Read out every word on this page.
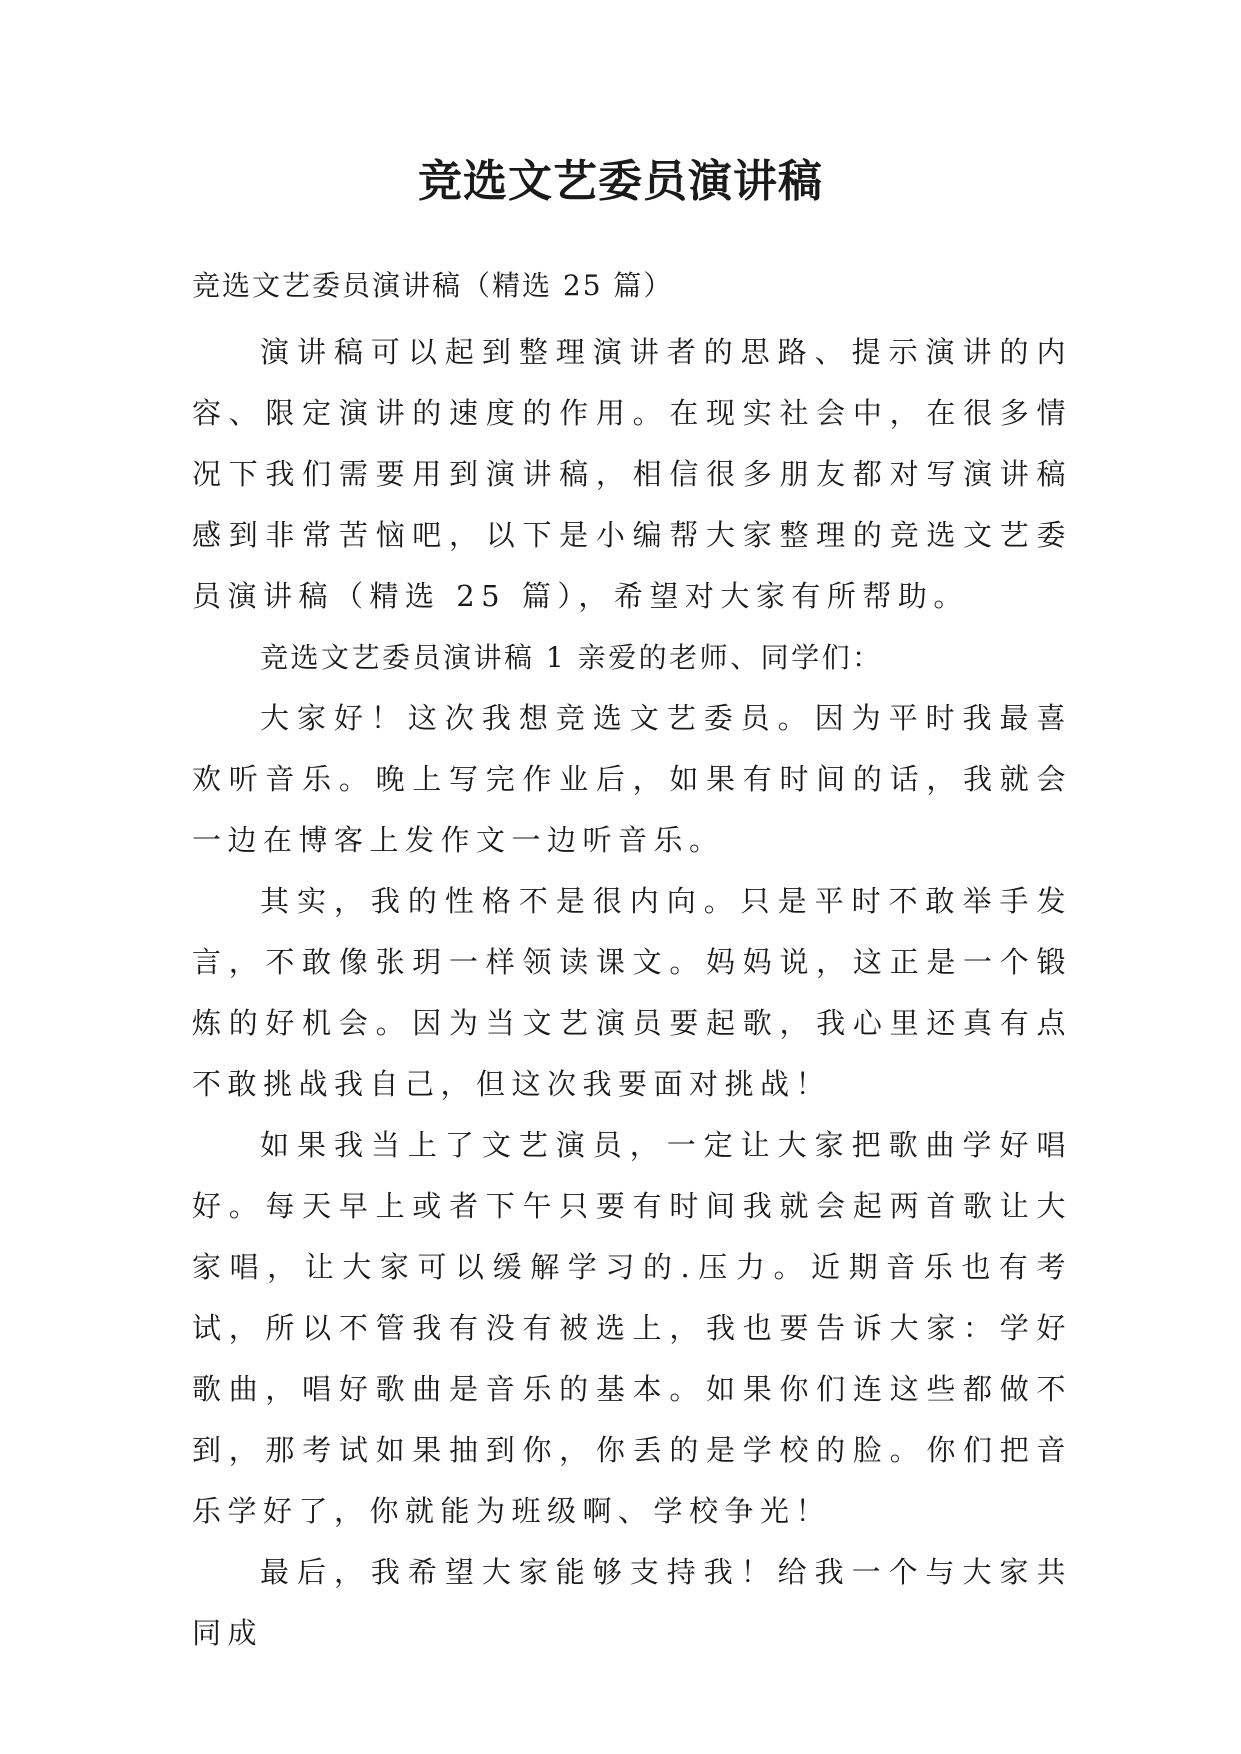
竞选文艺委员演讲稿

竞选文艺委员演讲稿（精选 25 篇）

演讲稿可以起到整理演讲者的思路、提示演讲的内容、限定演讲的速度的作用。在现实社会中，在很多情况下我们需要用到演讲稿，相信很多朋友都对写演讲稿感到非常苦恼吧，以下是小编帮大家整理的竞选文艺委员演讲稿（精选 25 篇），希望对大家有所帮助。

竞选文艺委员演讲稿 1 亲爱的老师、同学们：

大家好！这次我想竞选文艺委员。因为平时我最喜欢听音乐。晚上写完作业后，如果有时间的话，我就会一边在博客上发作文一边听音乐。

其实，我的性格不是很内向。只是平时不敢举手发言，不敢像张玥一样领读课文。妈妈说，这正是一个锻炼的好机会。因为当文艺演员要起歌，我心里还真有点不敢挑战我自己，但这次我要面对挑战！

如果我当上了文艺演员，一定让大家把歌曲学好唱好。每天早上或者下午只要有时间我就会起两首歌让大家唱，让大家可以缓解学习的.压力。近期音乐也有考试，所以不管我有没有被选上，我也要告诉大家：学好歌曲，唱好歌曲是音乐的基本。如果你们连这些都做不到，那考试如果抽到你，你丢的是学校的脸。你们把音乐学好了，你就能为班级啊、学校争光！

最后，我希望大家能够支持我！给我一个与大家共同成
